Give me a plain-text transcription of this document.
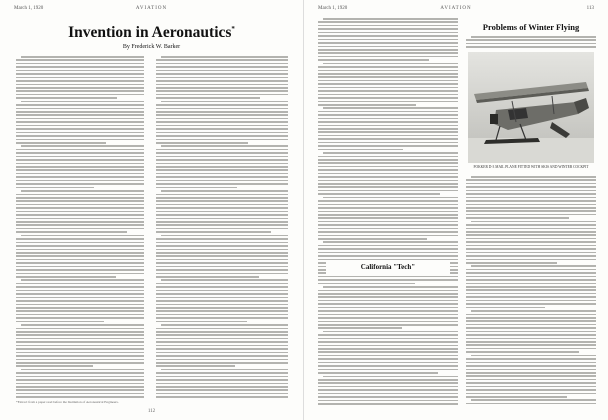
March 1, 1920	AVIATION
Invention in Aeronautics*
By Frederick W. Barker
*Extract from a paper read before the Institution of Aeronautical Engineers.
112
March 1, 1920	AVIATION	113
California "Tech"
Problems of Winter Flying
FOKKER D-3 MAIL PLANE FITTED WITH SKIS AND WINTER COCKPIT
